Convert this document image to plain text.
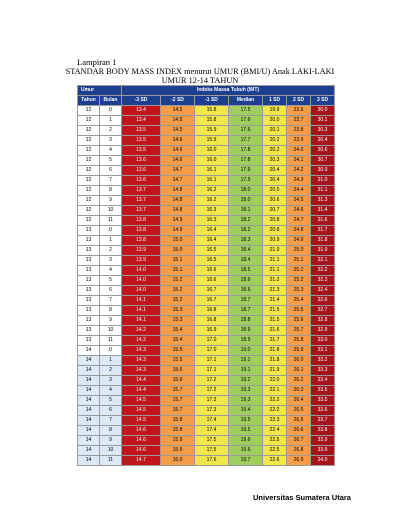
Lampiran 1
STANDAR BODY MASS INDEX menurut UMUR (BMI/U) Anak LAKI-LAKI
UMUR 12-14 TAHUN
Umur		Indeks Massa Tubuh (IMT)						
Tahun	Bulan	-3 SD	-2 SD	-1 SD	Median	1 SD	2 SD	3 SD
12	0	13.4	14.5	15.8	17.5	19.9	23.6	30.0
12	1	13.4	14.5	15.8	17.6	20.0	23.7	30.1
12	2	13.5	14.5	15.9	17.6	20.1	23.8	30.3
12	3	13.5	14.6	15.9	17.7	20.2	23.9	30.4
12	4	13.5	14.6	16.0	17.8	20.2	24.0	30.6
12	5	13.6	14.6	16.0	17.8	20.3	24.1	30.7
12	6	13.6	14.7	16.1	17.9	20.4	24.2	30.9
12	7	13.6	14.7	16.1	17.9	20.4	24.3	31.0
12	8	13.7	14.8	16.2	18.0	20.5	24.4	31.1
12	9	13.7	14.8	16.2	18.0	20.6	24.5	31.3
12	10	13.7	14.8	16.3	18.1	20.7	24.6	31.4
12	11	13.8	14.9	16.3	18.2	20.8	24.7	31.6
13	0	13.8	14.9	16.4	18.2	20.8	24.8	31.7
13	1	13.8	15.0	16.4	18.3	20.9	24.9	31.8
13	2	13.9	15.0	16.5	18.4	21.0	25.0	31.9
13	3	13.9	15.1	16.5	18.4	21.1	25.1	32.1
13	4	14.0	15.1	16.6	18.5	21.1	25.2	32.2
13	5	14.0	15.2	16.6	18.6	21.2	25.2	32.3
13	6	14.0	15.2	16.7	18.6	21.3	25.3	32.4
13	7	14.1	15.2	16.7	18.7	21.4	25.4	32.6
13	8	14.1	15.3	16.8	18.7	21.5	25.5	32.7
13	9	14.1	15.3	16.8	18.8	21.5	25.6	32.8
13	10	14.2	15.4	16.9	18.9	21.6	25.7	32.9
13	11	14.2	15.4	17.0	18.9	21.7	25.8	33.0
14	0	14.3	15.5	17.0	19.0	21.8	25.9	33.1
14	1	14.3	15.5	17.1	19.1	21.8	26.0	33.2
14	2	14.3	15.6	17.1	19.1	21.9	26.1	33.3
14	3	14.4	15.6	17.2	19.2	22.0	26.2	33.4
14	4	14.4	15.7	17.2	19.3	22.1	26.3	33.5
14	5	14.5	15.7	17.3	19.3	22.2	26.4	33.5
14	6	14.5	15.7	17.3	19.4	22.2	26.5	33.6
14	7	14.5	15.8	17.4	19.5	22.3	26.5	33.7
14	8	14.6	15.8	17.4	19.5	22.4	26.6	33.8
14	9	14.6	15.9	17.5	19.6	22.5	26.7	33.9
14	10	14.6	15.9	17.5	19.6	22.5	26.8	33.9
14	11	14.7	16.0	17.6	19.7	22.6	26.9	34.0
Universitas Sumatera Utara
